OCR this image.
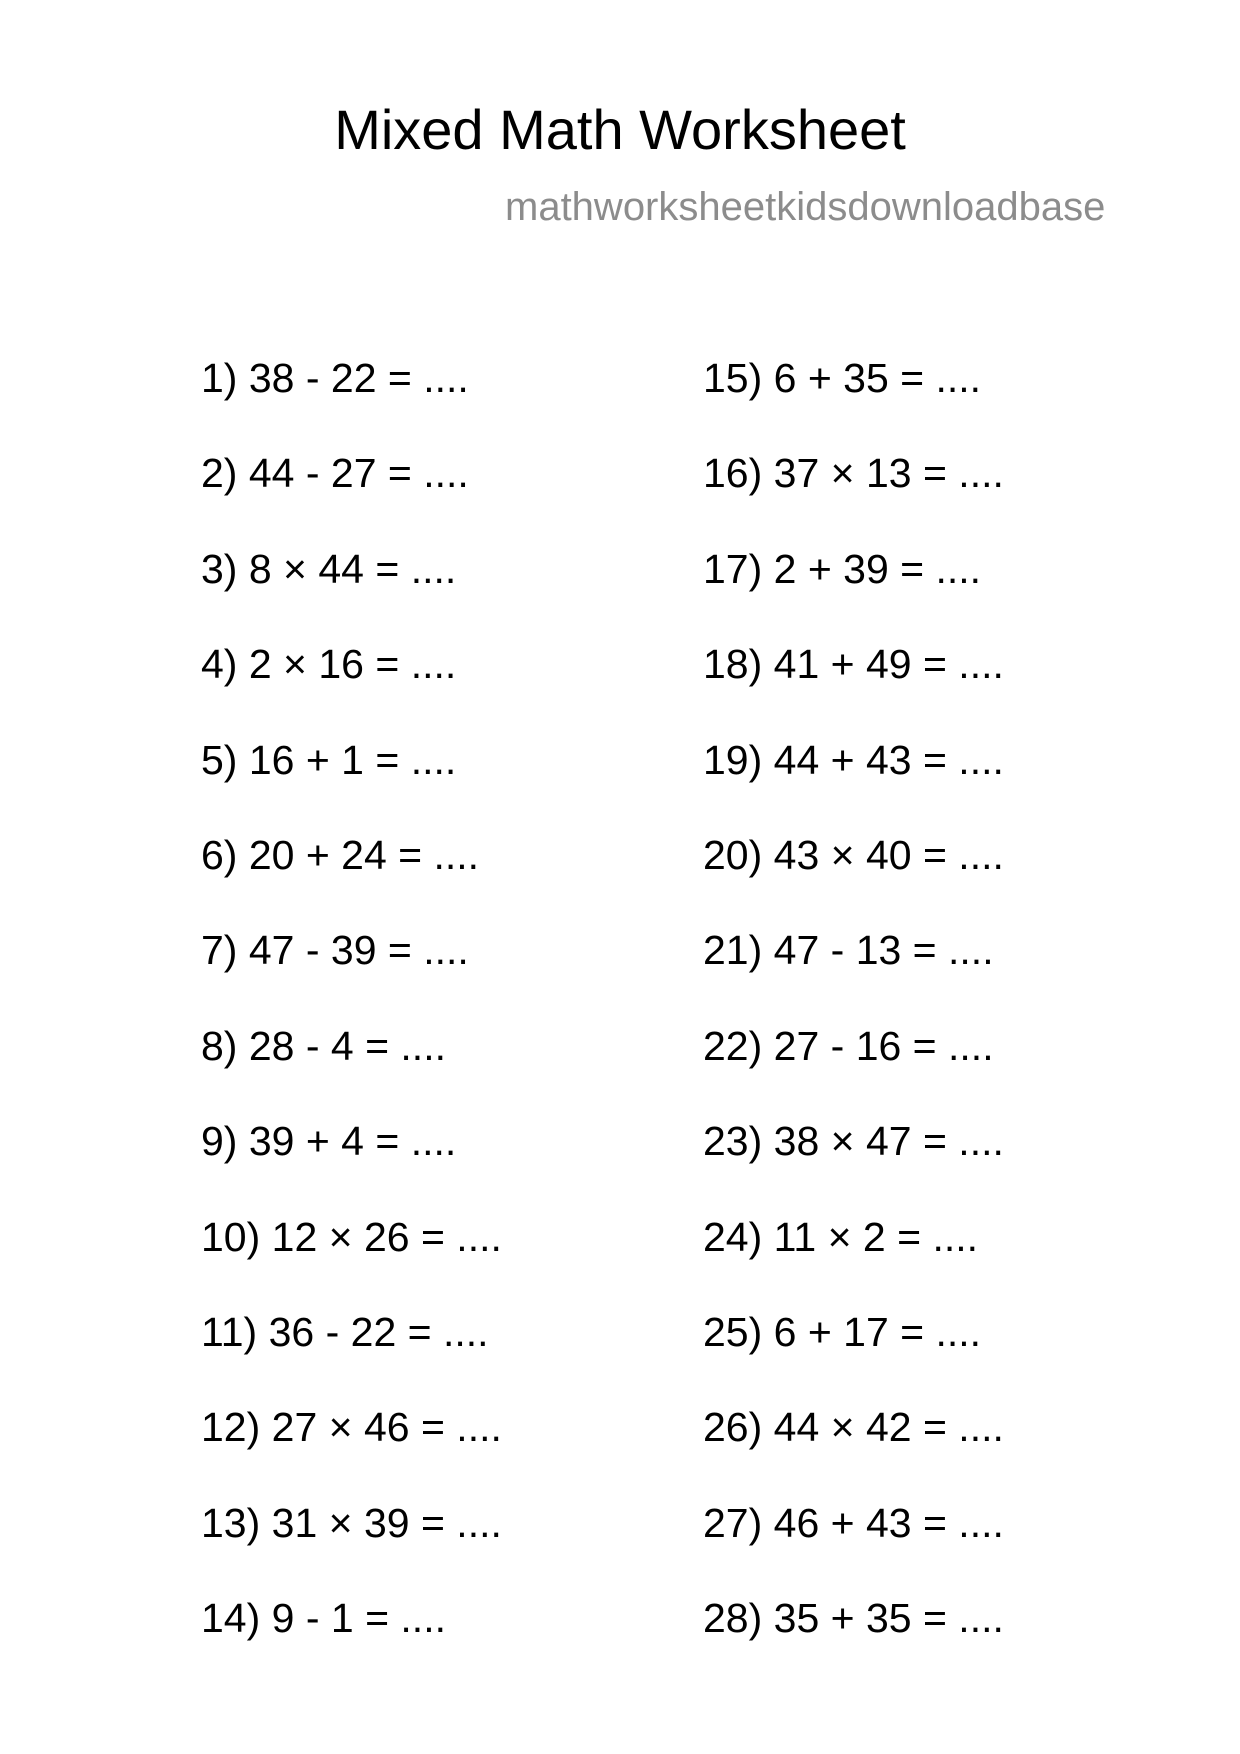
Mixed Math Worksheet
mathworksheetkidsdownloadbase
1) 38 - 22 = ....
2) 44 - 27 = ....
3) 8 × 44 = ....
4) 2 × 16 = ....
5) 16 + 1 = ....
6) 20 + 24 = ....
7) 47 - 39 = ....
8) 28 - 4 = ....
9) 39 + 4 = ....
10) 12 × 26 = ....
11) 36 - 22 = ....
12) 27 × 46 = ....
13) 31 × 39 = ....
14) 9 - 1 = ....
15) 6 + 35 = ....
16) 37 × 13 = ....
17) 2 + 39 = ....
18) 41 + 49 = ....
19) 44 + 43 = ....
20) 43 × 40 = ....
21) 47 - 13 = ....
22) 27 - 16 = ....
23) 38 × 47 = ....
24) 11 × 2 = ....
25) 6 + 17 = ....
26) 44 × 42 = ....
27) 46 + 43 = ....
28) 35 + 35 = ....
